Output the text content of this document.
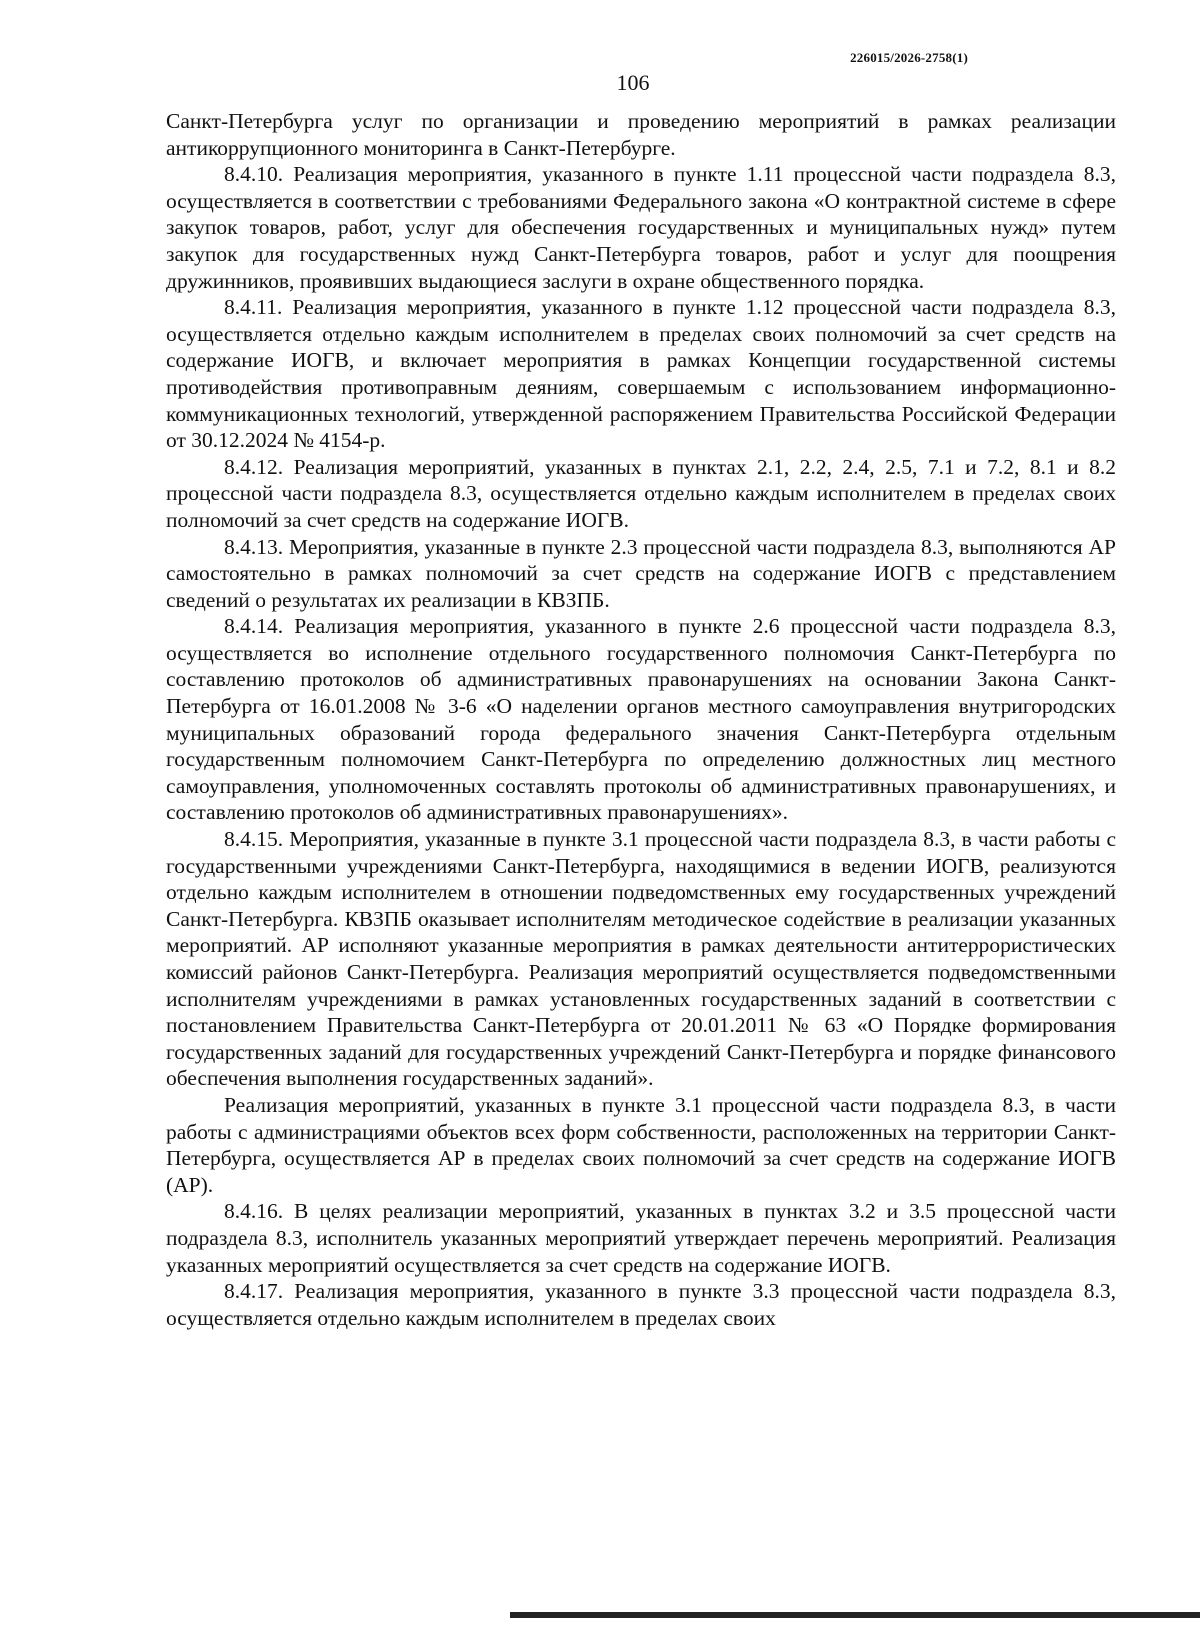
226015/2026-2758(1)
106

Санкт-Петербурга услуг по организации и проведению мероприятий в рамках реализации антикоррупционного мониторинга в Санкт-Петербурге.

8.4.10. Реализация мероприятия, указанного в пункте 1.11 процессной части подраздела 8.3, осуществляется в соответствии с требованиями Федерального закона «О контрактной системе в сфере закупок товаров, работ, услуг для обеспечения государственных и муниципальных нужд» путем закупок для государственных нужд Санкт-Петербурга товаров, работ и услуг для поощрения дружинников, проявивших выдающиеся заслуги в охране общественного порядка.

8.4.11. Реализация мероприятия, указанного в пункте 1.12 процессной части подраздела 8.3, осуществляется отдельно каждым исполнителем в пределах своих полномочий за счет средств на содержание ИОГВ, и включает мероприятия в рамках Концепции государственной системы противодействия противоправным деяниям, совершаемым с использованием информационно-коммуникационных технологий, утвержденной распоряжением Правительства Российской Федерации от 30.12.2024 № 4154-р.

8.4.12. Реализация мероприятий, указанных в пунктах 2.1, 2.2, 2.4, 2.5, 7.1 и 7.2, 8.1 и 8.2 процессной части подраздела 8.3, осуществляется отдельно каждым исполнителем в пределах своих полномочий за счет средств на содержание ИОГВ.

8.4.13. Мероприятия, указанные в пункте 2.3 процессной части подраздела 8.3, выполняются АР самостоятельно в рамках полномочий за счет средств на содержание ИОГВ с представлением сведений о результатах их реализации в КВЗПБ.

8.4.14. Реализация мероприятия, указанного в пункте 2.6 процессной части подраздела 8.3, осуществляется во исполнение отдельного государственного полномочия Санкт-Петербурга по составлению протоколов об административных правонарушениях на основании Закона Санкт-Петербурга от 16.01.2008 № 3-6 «О наделении органов местного самоуправления внутригородских муниципальных образований города федерального значения Санкт-Петербурга отдельным государственным полномочием Санкт-Петербурга по определению должностных лиц местного самоуправления, уполномоченных составлять протоколы об административных правонарушениях, и составлению протоколов об административных правонарушениях».

8.4.15. Мероприятия, указанные в пункте 3.1 процессной части подраздела 8.3, в части работы с государственными учреждениями Санкт-Петербурга, находящимися в ведении ИОГВ, реализуются отдельно каждым исполнителем в отношении подведомственных ему государственных учреждений Санкт-Петербурга. КВЗПБ оказывает исполнителям методическое содействие в реализации указанных мероприятий. АР исполняют указанные мероприятия в рамках деятельности антитеррористических комиссий районов Санкт-Петербурга. Реализация мероприятий осуществляется подведомственными исполнителям учреждениями в рамках установленных государственных заданий в соответствии с постановлением Правительства Санкт-Петербурга от 20.01.2011 № 63 «О Порядке формирования государственных заданий для государственных учреждений Санкт-Петербурга и порядке финансового обеспечения выполнения государственных заданий».

Реализация мероприятий, указанных в пункте 3.1 процессной части подраздела 8.3, в части работы с администрациями объектов всех форм собственности, расположенных на территории Санкт-Петербурга, осуществляется АР в пределах своих полномочий за счет средств на содержание ИОГВ (АР).

8.4.16. В целях реализации мероприятий, указанных в пунктах 3.2 и 3.5 процессной части подраздела 8.3, исполнитель указанных мероприятий утверждает перечень мероприятий. Реализация указанных мероприятий осуществляется за счет средств на содержание ИОГВ.

8.4.17. Реализация мероприятия, указанного в пункте 3.3 процессной части подраздела 8.3, осуществляется отдельно каждым исполнителем в пределах своих
